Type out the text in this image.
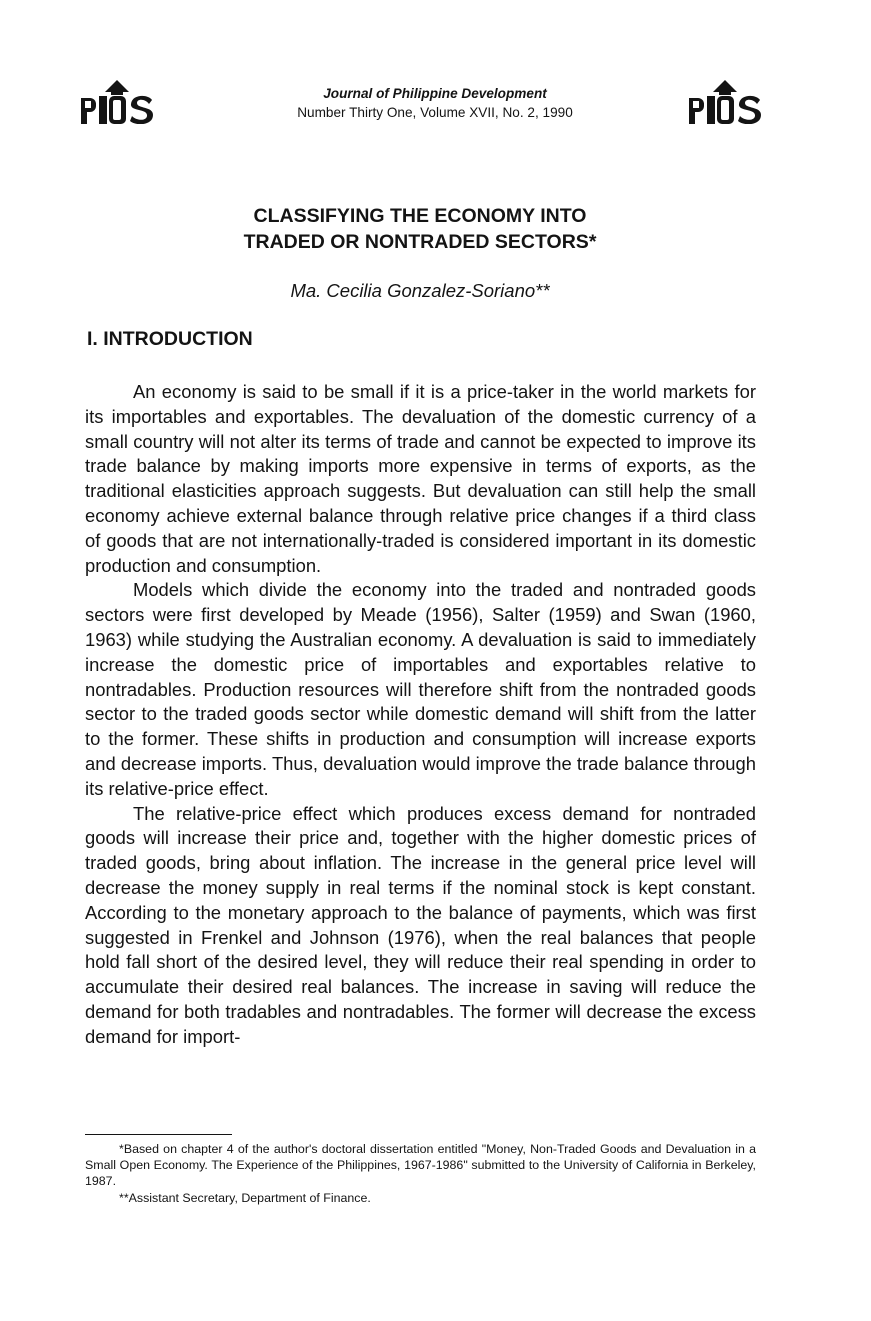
Journal of Philippine Development
Number Thirty One, Volume XVII, No. 2, 1990
CLASSIFYING THE ECONOMY INTO
TRADED OR NONTRADED SECTORS*
Ma. Cecilia Gonzalez-Soriano**
I. INTRODUCTION

An economy is said to be small if it is a price-taker in the world markets for its importables and exportables. The devaluation of the domestic currency of a small country will not alter its terms of trade and cannot be expected to improve its trade balance by making imports more expensive in terms of exports, as the traditional elasticities approach suggests. But devaluation can still help the small economy achieve external balance through relative price changes if a third class of goods that are not internationally-traded is considered important in its domestic production and consumption.

Models which divide the economy into the traded and nontraded goods sectors were first developed by Meade (1956), Salter (1959) and Swan (1960, 1963) while studying the Australian economy. A devaluation is said to immediately increase the domestic price of importables and exportables relative to nontradables. Production resources will therefore shift from the nontraded goods sector to the traded goods sector while domestic demand will shift from the latter to the former. These shifts in production and consumption will increase exports and decrease imports. Thus, devaluation would improve the trade balance through its relative-price effect.

The relative-price effect which produces excess demand for nontraded goods will increase their price and, together with the higher domestic prices of traded goods, bring about inflation. The increase in the general price level will decrease the money supply in real terms if the nominal stock is kept constant. According to the monetary approach to the balance of payments, which was first suggested in Frenkel and Johnson (1976), when the real balances that people hold fall short of the desired level, they will reduce their real spending in order to accumulate their desired real balances. The increase in saving will reduce the demand for both tradables and nontradables. The former will decrease the excess demand for import-

*Based on chapter 4 of the author's doctoral dissertation entitled "Money, Non-Traded Goods and Devaluation in a Small Open Economy. The Experience of the Philippines, 1967-1986" submitted to the University of California in Berkeley, 1987.

**Assistant Secretary, Department of Finance.
